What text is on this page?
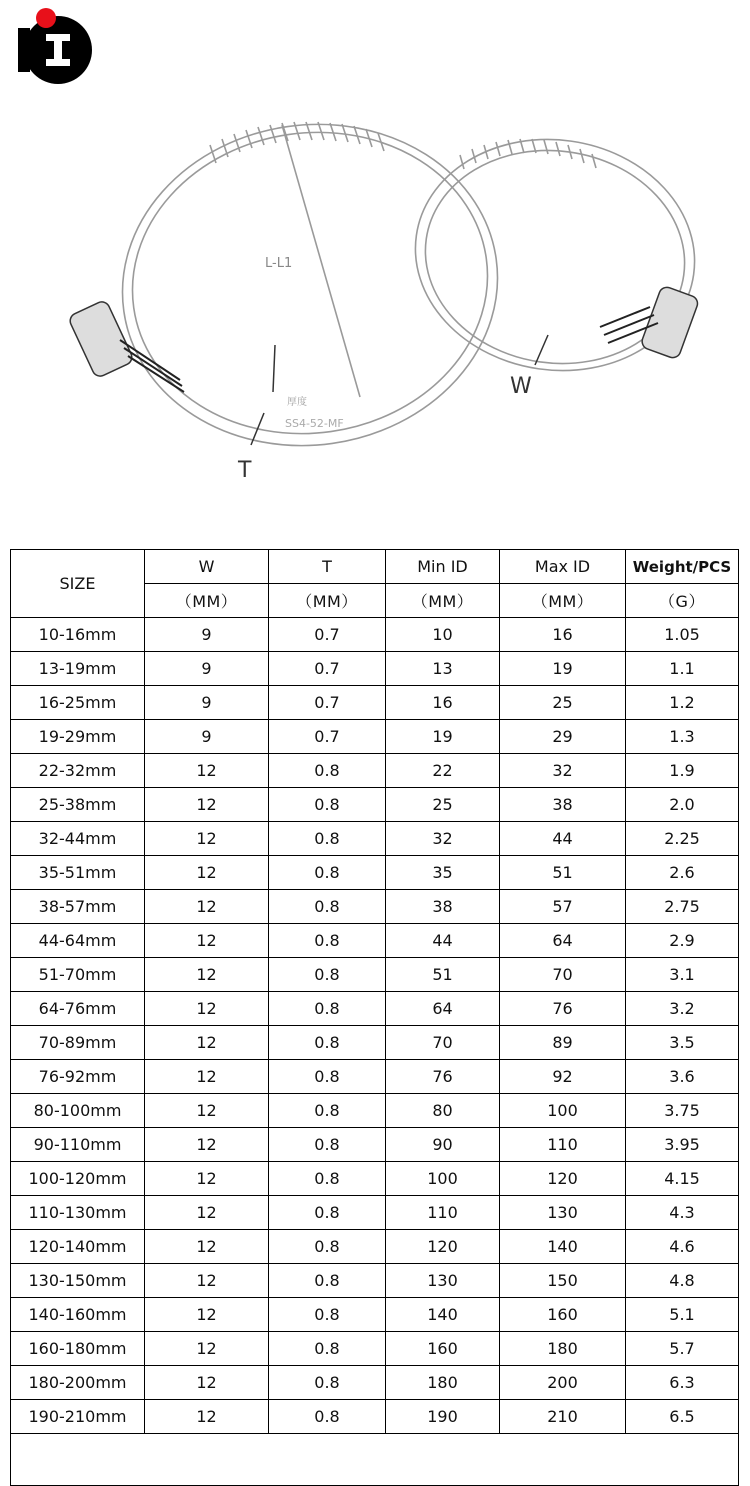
L-L1
厚度
SS4-52-MF
T
W
SIZE	W	T	Min ID	Max ID	Weight/PCS
	（MM）	（MM）	（MM）	（MM）	（G）
10-16mm	9	0.7	10	16	1.05
13-19mm	9	0.7	13	19	1.1
16-25mm	9	0.7	16	25	1.2
19-29mm	9	0.7	19	29	1.3
22-32mm	12	0.8	22	32	1.9
25-38mm	12	0.8	25	38	2.0
32-44mm	12	0.8	32	44	2.25
35-51mm	12	0.8	35	51	2.6
38-57mm	12	0.8	38	57	2.75
44-64mm	12	0.8	44	64	2.9
51-70mm	12	0.8	51	70	3.1
64-76mm	12	0.8	64	76	3.2
70-89mm	12	0.8	70	89	3.5
76-92mm	12	0.8	76	92	3.6
80-100mm	12	0.8	80	100	3.75
90-110mm	12	0.8	90	110	3.95
100-120mm	12	0.8	100	120	4.15
110-130mm	12	0.8	110	130	4.3
120-140mm	12	0.8	120	140	4.6
130-150mm	12	0.8	130	150	4.8
140-160mm	12	0.8	140	160	5.1
160-180mm	12	0.8	160	180	5.7
180-200mm	12	0.8	180	200	6.3
190-210mm	12	0.8	190	210	6.5
